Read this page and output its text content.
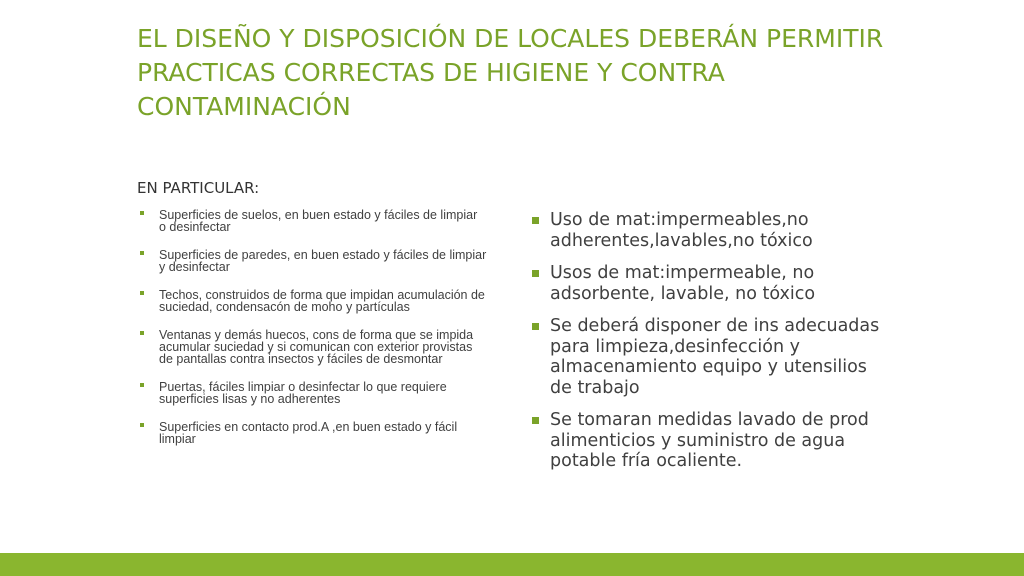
EL DISEÑO Y DISPOSICIÓN DE LOCALES DEBERÁN PERMITIR PRACTICAS CORRECTAS DE HIGIENE Y CONTRA CONTAMINACIÓN
EN PARTICULAR:
Superficies de suelos, en buen estado y fáciles de limpiar o desinfectar
Superficies de paredes, en buen estado y fáciles de limpiar y desinfectar
Techos, construidos de forma que impidan acumulación de suciedad, condensacón de moho y partículas
Ventanas y demás huecos, cons de forma que se impida acumular suciedad y si comunican con exterior provistas de pantallas contra insectos y fáciles de desmontar
Puertas, fáciles limpiar o desinfectar lo que requiere superficies lisas y no adherentes
Superficies en contacto prod.A ,en buen estado y fácil limpiar
Uso de mat:impermeables,no adherentes,lavables,no tóxico
Usos de mat:impermeable, no adsorbente, lavable, no tóxico
Se deberá disponer de ins adecuadas para limpieza,desinfección y almacenamiento equipo y utensilios de trabajo
Se tomaran medidas lavado de prod alimenticios y suministro de agua potable fría ocaliente.
